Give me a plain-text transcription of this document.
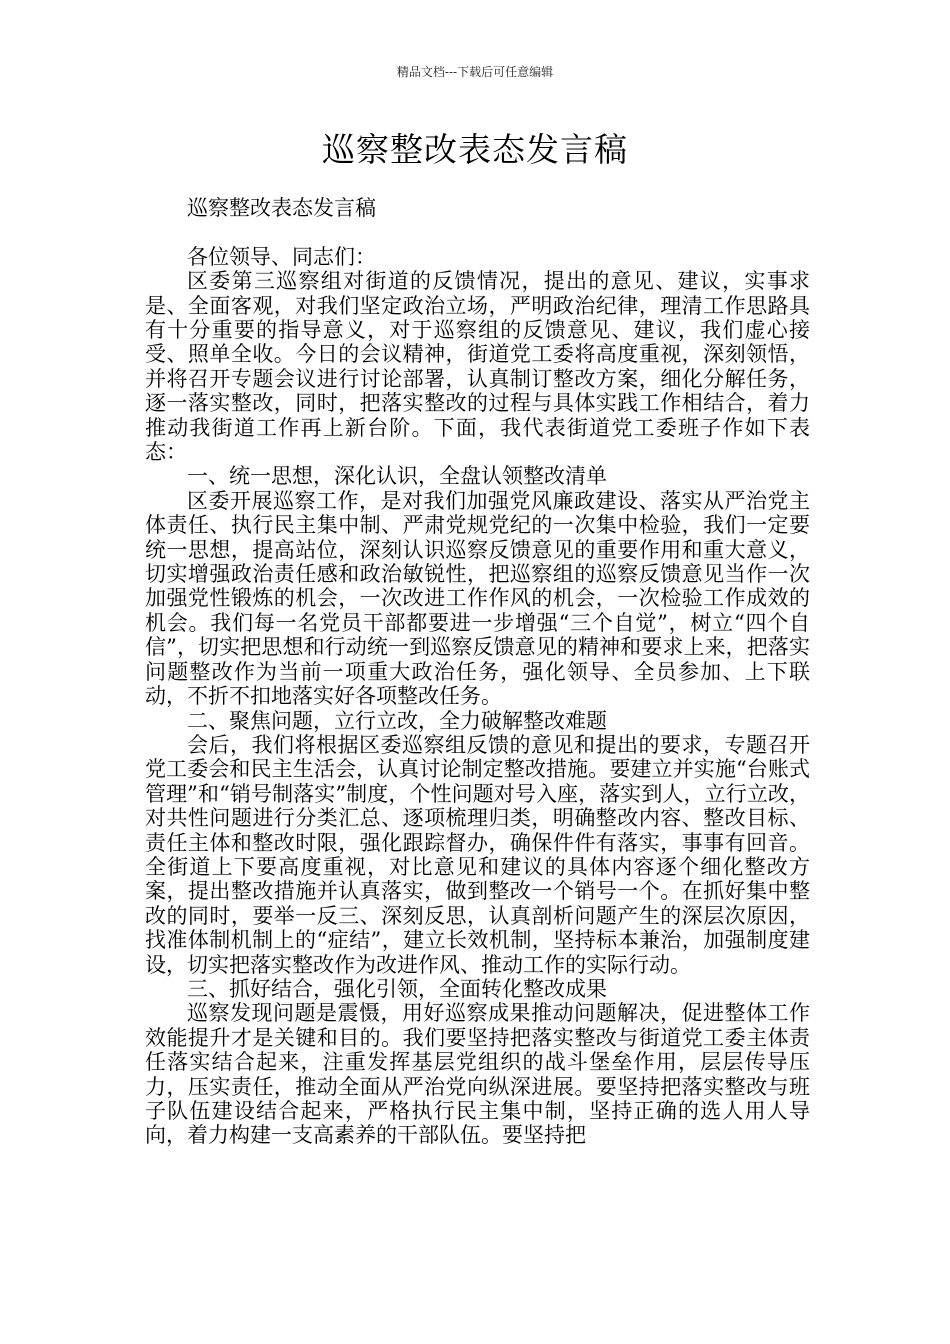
精品文档---下载后可任意编辑
巡察整改表态发言稿

巡察整改表态发言稿

各位领导、同志们：

区委第三巡察组对街道的反馈情况，提出的意见、建议，实事求是、全面客观，对我们坚定政治立场，严明政治纪律，理清工作思路具有十分重要的指导意义，对于巡察组的反馈意见、建议，我们虚心接受、照单全收。今日的会议精神，街道党工委将高度重视，深刻领悟，并将召开专题会议进行讨论部署，认真制订整改方案，细化分解任务，逐一落实整改，同时，把落实整改的过程与具体实践工作相结合，着力推动我街道工作再上新台阶。下面，我代表街道党工委班子作如下表态：

一、统一思想，深化认识，全盘认领整改清单

区委开展巡察工作，是对我们加强党风廉政建设、落实从严治党主体责任、执行民主集中制、严肃党规党纪的一次集中检验，我们一定要统一思想，提高站位，深刻认识巡察反馈意见的重要作用和重大意义，切实增强政治责任感和政治敏锐性，把巡察组的巡察反馈意见当作一次加强党性锻炼的机会，一次改进工作作风的机会，一次检验工作成效的机会。我们每一名党员干部都要进一步增强“三个自觉”，树立“四个自信”，切实把思想和行动统一到巡察反馈意见的精神和要求上来，把落实问题整改作为当前一项重大政治任务，强化领导、全员参加、上下联动，不折不扣地落实好各项整改任务。

二、聚焦问题，立行立改，全力破解整改难题

会后，我们将根据区委巡察组反馈的意见和提出的要求，专题召开党工委会和民主生活会，认真讨论制定整改措施。要建立并实施“台账式管理”和“销号制落实”制度，个性问题对号入座，落实到人，立行立改，对共性问题进行分类汇总、逐项梳理归类，明确整改内容、整改目标、责任主体和整改时限，强化跟踪督办，确保件件有落实，事事有回音。全街道上下要高度重视，对比意见和建议的具体内容逐个细化整改方案，提出整改措施并认真落实，做到整改一个销号一个。在抓好集中整改的同时，要举一反三、深刻反思，认真剖析问题产生的深层次原因，找准体制机制上的“症结”，建立长效机制，坚持标本兼治，加强制度建设，切实把落实整改作为改进作风、推动工作的实际行动。

三、抓好结合，强化引领，全面转化整改成果

巡察发现问题是震慑，用好巡察成果推动问题解决，促进整体工作效能提升才是关键和目的。我们要坚持把落实整改与街道党工委主体责任落实结合起来，注重发挥基层党组织的战斗堡垒作用，层层传导压力，压实责任，推动全面从严治党向纵深进展。要坚持把落实整改与班子队伍建设结合起来，严格执行民主集中制，坚持正确的选人用人导向，着力构建一支高素养的干部队伍。要坚持把
